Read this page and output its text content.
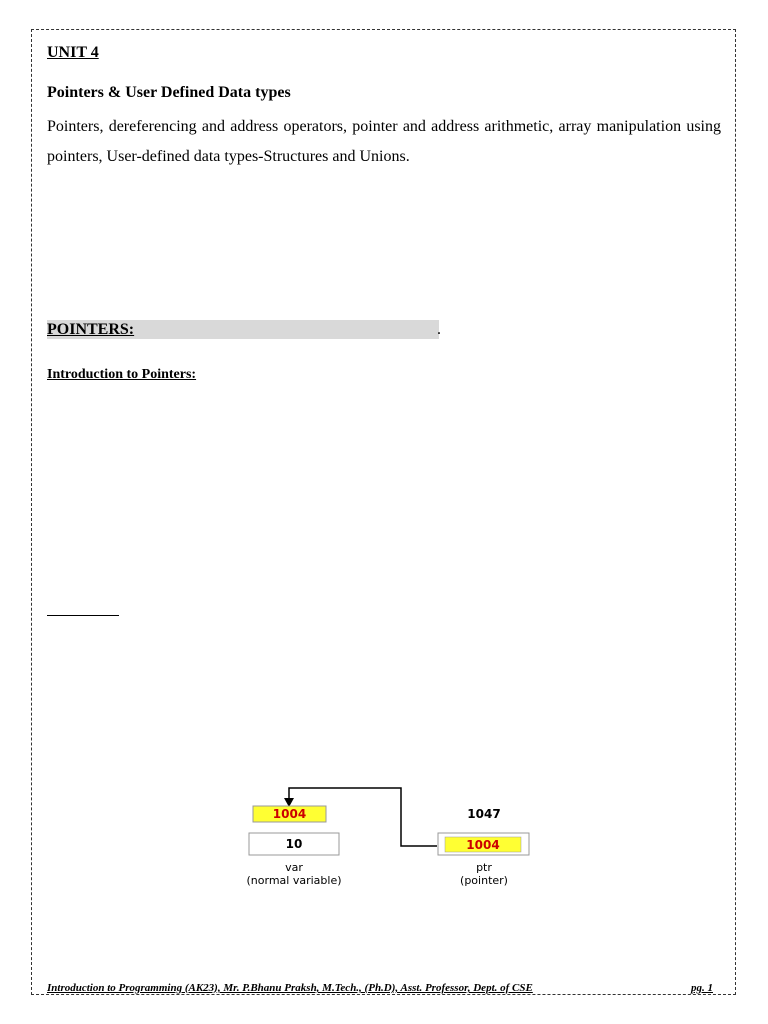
UNIT 4
Pointers & User Defined Data types
Pointers, dereferencing and address operators, pointer and address arithmetic, array manipulation using pointers, User-defined data types-Structures and Unions.
POINTERS:	.
Introduction to Pointers:
1004
10
var
(normal variable)
1047
1004
ptr
(pointer)
Introduction to Programming (AK23), Mr. P.Bhanu Praksh, M.Tech., (Ph.D), Asst. Professor, Dept. of CSE	pg. 1
